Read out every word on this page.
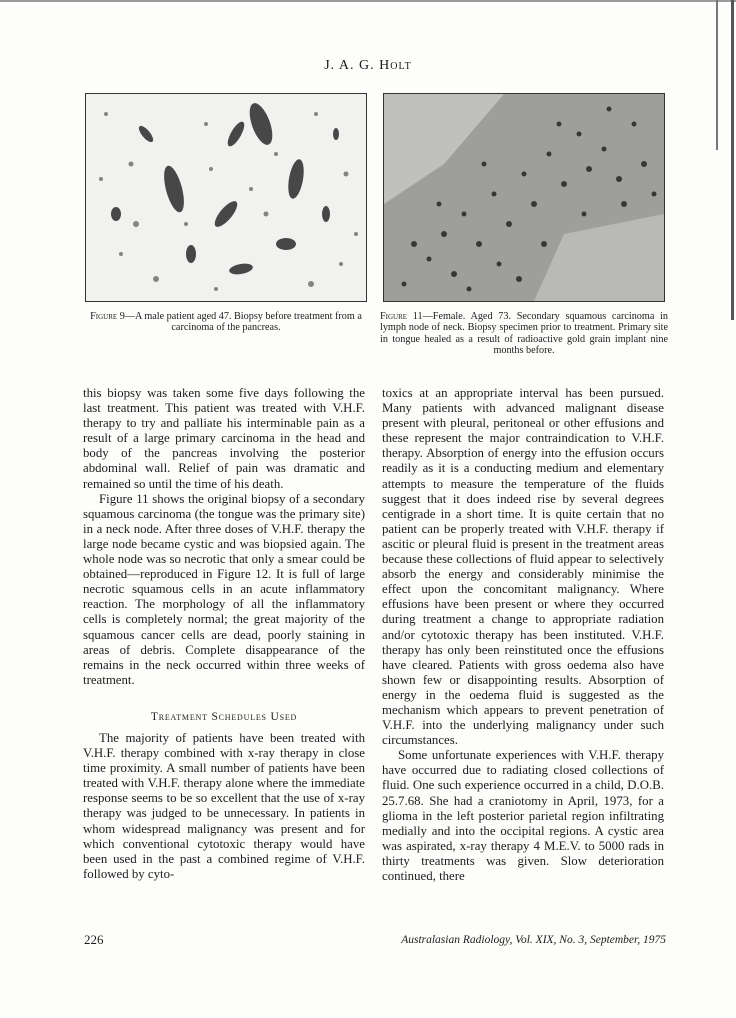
J. A. G. Holt
Figure 9—A male patient aged 47. Biopsy before treatment from a carcinoma of the pancreas.
Figure 11—Female. Aged 73. Secondary squamous carcinoma in lymph node of neck. Biopsy specimen prior to treatment. Primary site in tongue healed as a result of radioactive gold grain implant nine months before.

this biopsy was taken some five days following the last treatment. This patient was treated with V.H.F. therapy to try and palliate his interminable pain as a result of a large primary carcinoma in the head and body of the pancreas involving the posterior abdominal wall. Relief of pain was dramatic and remained so until the time of his death.

Figure 11 shows the original biopsy of a secondary squamous carcinoma (the tongue was the primary site) in a neck node. After three doses of V.H.F. therapy the large node became cystic and was biopsied again. The whole node was so necrotic that only a smear could be obtained—reproduced in Figure 12. It is full of large necrotic squamous cells in an acute inflammatory reaction. The morphology of all the inflammatory cells is completely normal; the great majority of the squamous cancer cells are dead, poorly staining in areas of debris. Complete disappearance of the remains in the neck occurred within three weeks of treatment.

Treatment Schedules Used

The majority of patients have been treated with V.H.F. therapy combined with x-ray therapy in close time proximity. A small number of patients have been treated with V.H.F. therapy alone where the immediate response seems to be so excellent that the use of x-ray therapy was judged to be unnecessary. In patients in whom widespread malignancy was present and for which conventional cytotoxic therapy would have been used in the past a combined regime of V.H.F. followed by cyto-

toxics at an appropriate interval has been pursued. Many patients with advanced malignant disease present with pleural, peritoneal or other effusions and these represent the major contraindication to V.H.F. therapy. Absorption of energy into the effusion occurs readily as it is a conducting medium and elementary attempts to measure the temperature of the fluids suggest that it does indeed rise by several degrees centigrade in a short time. It is quite certain that no patient can be properly treated with V.H.F. therapy if ascitic or pleural fluid is present in the treatment areas because these collections of fluid appear to selectively absorb the energy and considerably minimise the effect upon the concomitant malignancy. Where effusions have been present or where they occurred during treatment a change to appropriate radiation and/or cytotoxic therapy has been instituted. V.H.F. therapy has only been reinstituted once the effusions have cleared. Patients with gross oedema also have shown few or disappointing results. Absorption of energy in the oedema fluid is suggested as the mechanism which appears to prevent penetration of V.H.F. into the underlying malignancy under such circumstances.

Some unfortunate experiences with V.H.F. therapy have occurred due to radiating closed collections of fluid. One such experience occurred in a child, D.O.B. 25.7.68. She had a craniotomy in April, 1973, for a glioma in the left posterior parietal region infiltrating medially and into the occipital regions. A cystic area was aspirated, x-ray therapy 4 M.E.V. to 5000 rads in thirty treatments was given. Slow deterioration continued, there

226	Australasian Radiology, Vol. XIX, No. 3, September, 1975
